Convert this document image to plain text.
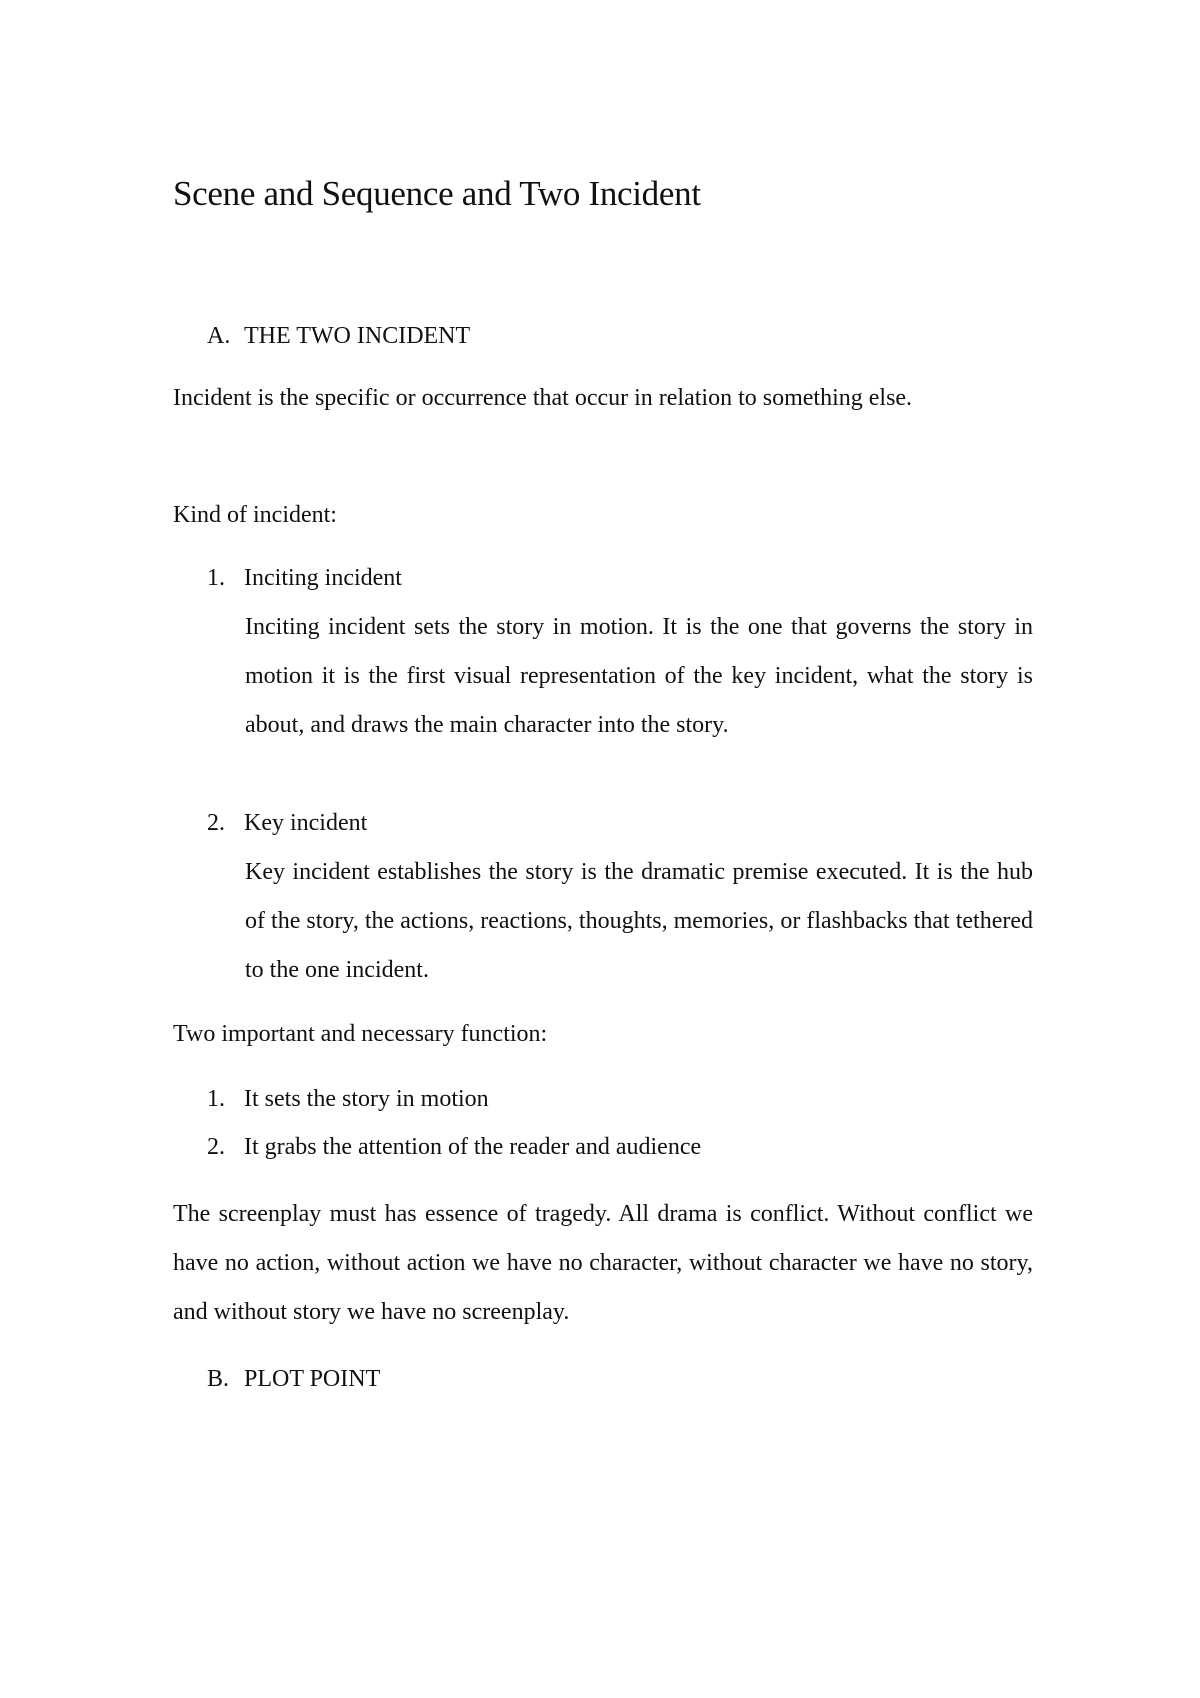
Scene and Sequence and Two Incident
A. THE TWO INCIDENT
Incident is the specific or occurrence that occur in relation to something else.
Kind of incident:
1. Inciting incident
Inciting incident sets the story in motion. It is the one that governs the story in motion it is the first visual representation of the key incident, what the story is about, and draws the main character into the story.
2. Key incident
Key incident establishes the story is the dramatic premise executed. It is the hub of the story, the actions, reactions, thoughts, memories, or flashbacks that tethered to the one incident.
Two important and necessary function:
1. It sets the story in motion
2. It grabs the attention of the reader and audience
The screenplay must has essence of tragedy. All drama is conflict. Without conflict we have no action, without action we have no character, without character we have no story, and without story we have no screenplay.
B. PLOT POINT
